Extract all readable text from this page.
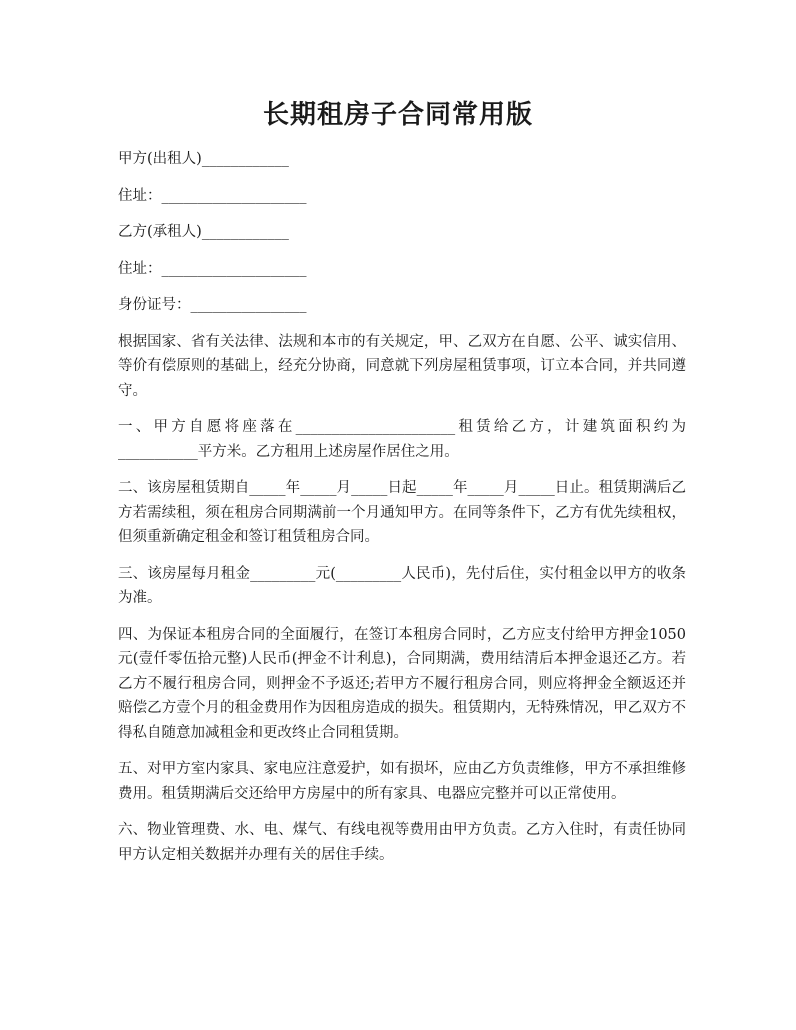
长期租房子合同常用版
甲方(出租人)____________
住址：____________________
乙方(承租人)____________
住址：____________________
身份证号：________________

根据国家、省有关法律、法规和本市的有关规定，甲、乙双方在自愿、公平、诚实信用、等价有偿原则的基础上，经充分协商，同意就下列房屋租赁事项，订立本合同，并共同遵守。

一、甲方自愿将座落在______________________租赁给乙方，计建筑面积约为___________平方米。乙方租用上述房屋作居住之用。

二、该房屋租赁期自_____年_____月_____日起_____年_____月_____日止。租赁期满后乙方若需续租，须在租房合同期满前一个月通知甲方。在同等条件下，乙方有优先续租权，但须重新确定租金和签订租赁租房合同。

三、该房屋每月租金_________元(_________人民币)，先付后住，实付租金以甲方的收条为准。

四、为保证本租房合同的全面履行，在签订本租房合同时，乙方应支付给甲方押金1050元(壹仟零伍拾元整)人民币(押金不计利息)，合同期满，费用结清后本押金退还乙方。若乙方不履行租房合同，则押金不予返还;若甲方不履行租房合同，则应将押金全额返还并赔偿乙方壹个月的租金费用作为因租房造成的损失。租赁期内，无特殊情况，甲乙双方不得私自随意加减租金和更改终止合同租赁期。

五、对甲方室内家具、家电应注意爱护，如有损坏，应由乙方负责维修，甲方不承担维修费用。租赁期满后交还给甲方房屋中的所有家具、电器应完整并可以正常使用。

六、物业管理费、水、电、煤气、有线电视等费用由甲方负责。乙方入住时，有责任协同甲方认定相关数据并办理有关的居住手续。
